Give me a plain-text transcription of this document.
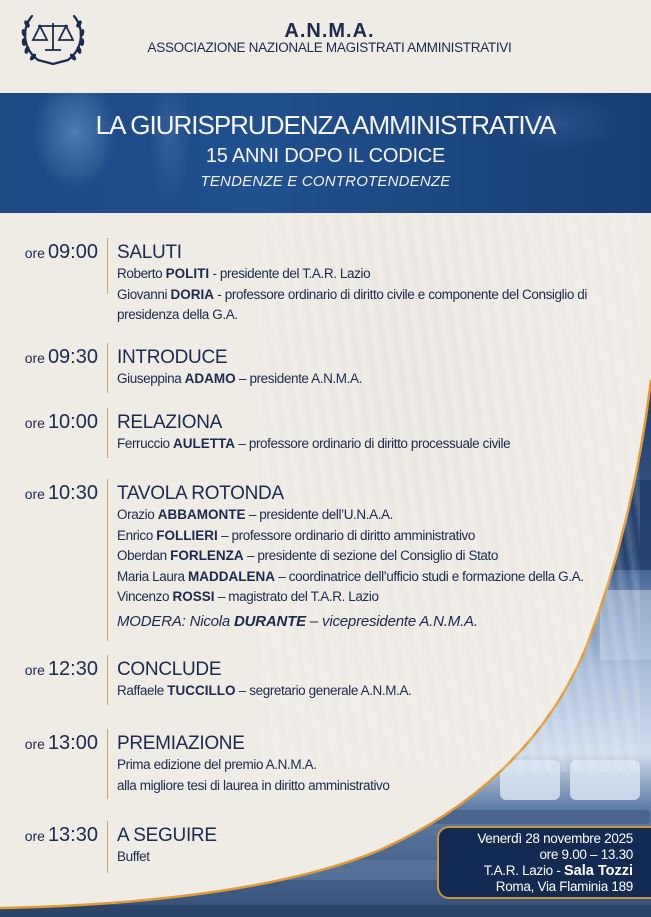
A.N.M.A.
ASSOCIAZIONE NAZIONALE MAGISTRATI AMMINISTRATIVI
LA GIURISPRUDENZA AMMINISTRATIVA
15 ANNI DOPO IL CODICE
TENDENZE E CONTROTENDENZE
ore 09:00 SALUTI
Roberto POLITI - presidente del T.A.R. Lazio
Giovanni DORIA - professore ordinario di diritto civile e componente del Consiglio di presidenza della G.A.
ore 09:30 INTRODUCE
Giuseppina ADAMO – presidente A.N.M.A.
ore 10:00 RELAZIONA
Ferruccio AULETTA – professore ordinario di diritto processuale civile
ore 10:30 TAVOLA ROTONDA
Orazio ABBAMONTE – presidente dell’U.N.A.A.
Enrico FOLLIERI – professore ordinario di diritto amministrativo
Oberdan FORLENZA – presidente di sezione del Consiglio di Stato
Maria Laura MADDALENA – coordinatrice dell’ufficio studi e formazione della G.A.
Vincenzo ROSSI – magistrato del T.A.R. Lazio
MODERA: Nicola DURANTE – vicepresidente A.N.M.A.
ore 12:30 CONCLUDE
Raffaele TUCCILLO – segretario generale A.N.M.A.
ore 13:00 PREMIAZIONE
Prima edizione del premio A.N.M.A.
alla migliore tesi di laurea in diritto amministrativo
ore 13:30 A SEGUIRE
Buffet
Venerdì 28 novembre 2025
ore 9.00 – 13.30
T.A.R. Lazio - Sala Tozzi
Roma, Via Flaminia 189
